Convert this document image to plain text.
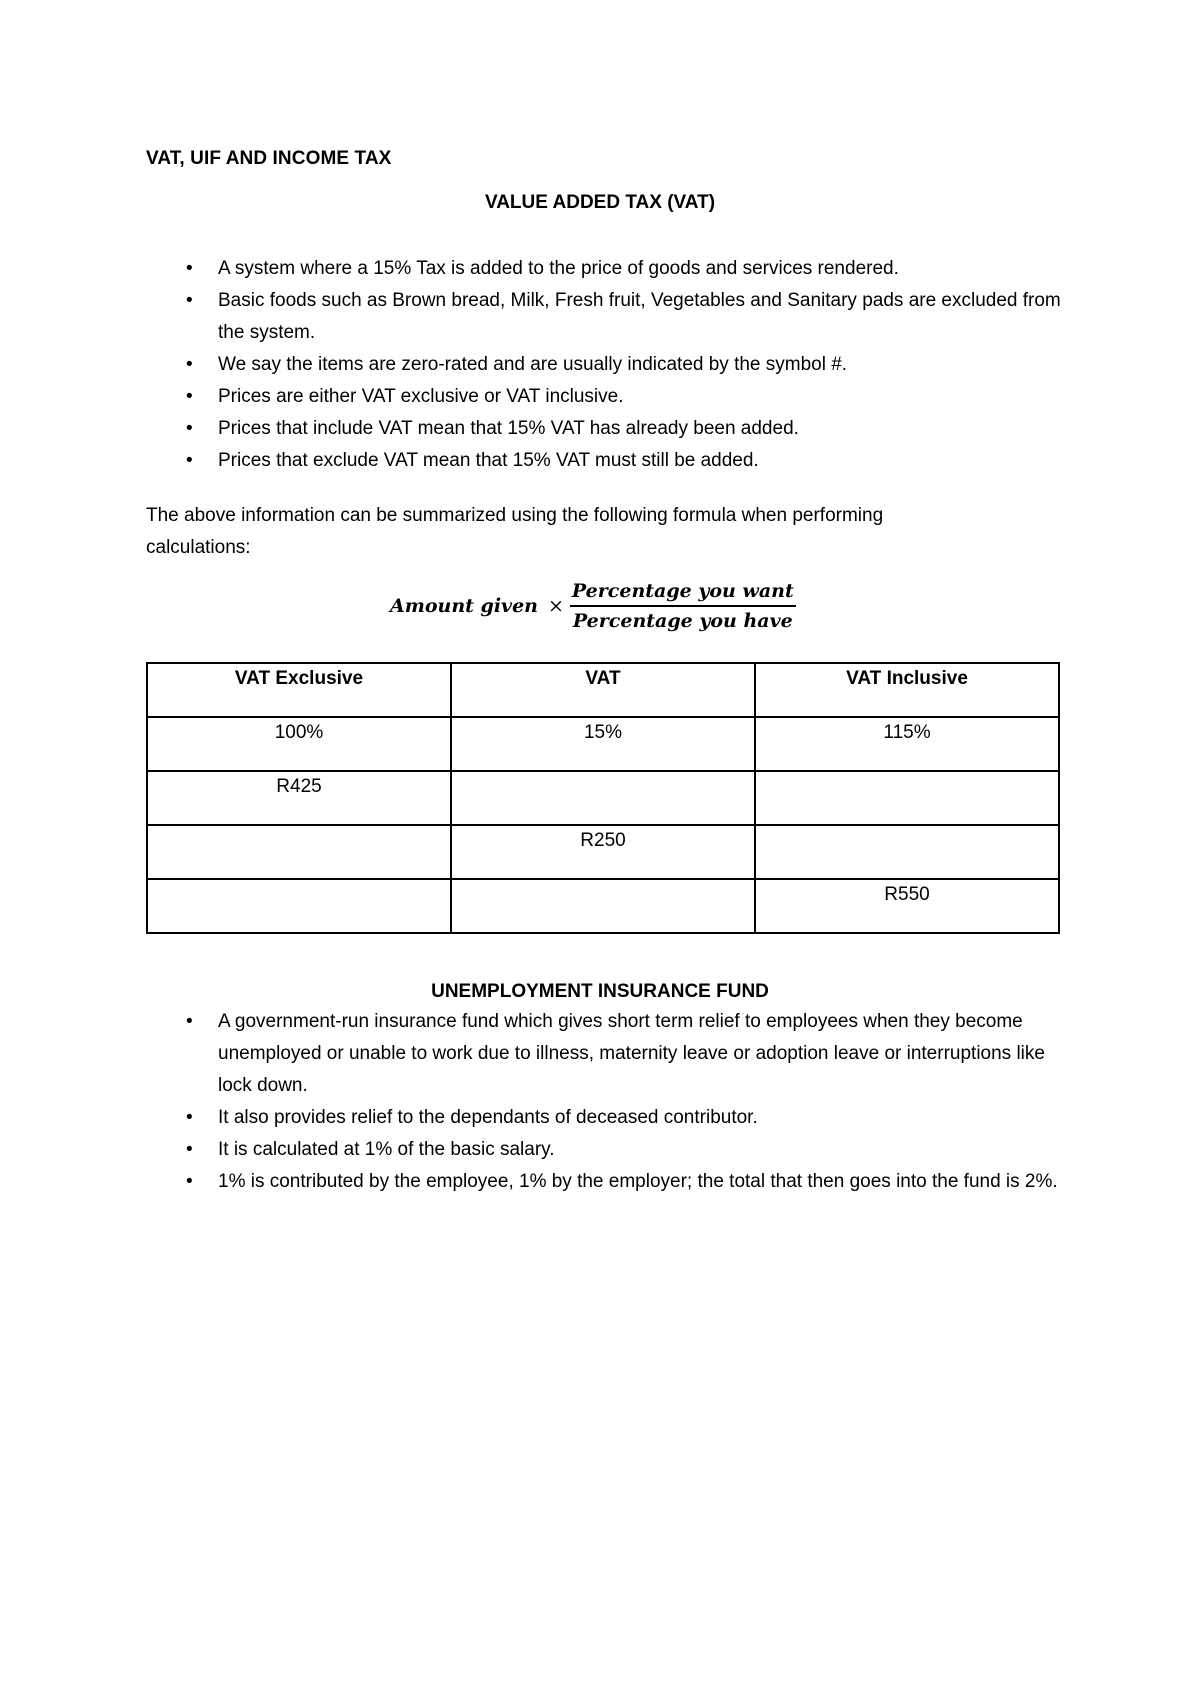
VAT, UIF AND INCOME TAX
VALUE ADDED TAX (VAT)
• A system where a 15% Tax is added to the price of goods and services rendered.
• Basic foods such as Brown bread, Milk, Fresh fruit, Vegetables and Sanitary pads are excluded from the system.
• We say the items are zero-rated and are usually indicated by the symbol #.
• Prices are either VAT exclusive or VAT inclusive.
• Prices that include VAT mean that 15% VAT has already been added.
• Prices that exclude VAT mean that 15% VAT must still be added.
The above information can be summarized using the following formula when performing calculations:
Amount given × $\frac{\text{Percentage you want}}{\text{Percentage you have}}$
VAT Exclusive	VAT	VAT Inclusive
100%	15%	115%
R425		
	R250	
		R550
UNEMPLOYMENT INSURANCE FUND
• A government-run insurance fund which gives short term relief to employees when they become unemployed or unable to work due to illness, maternity leave or adoption leave or interruptions like lock down.
• It also provides relief to the dependants of deceased contributor.
• It is calculated at 1% of the basic salary.
• 1% is contributed by the employee, 1% by the employer; the total that then goes into the fund is 2%.
